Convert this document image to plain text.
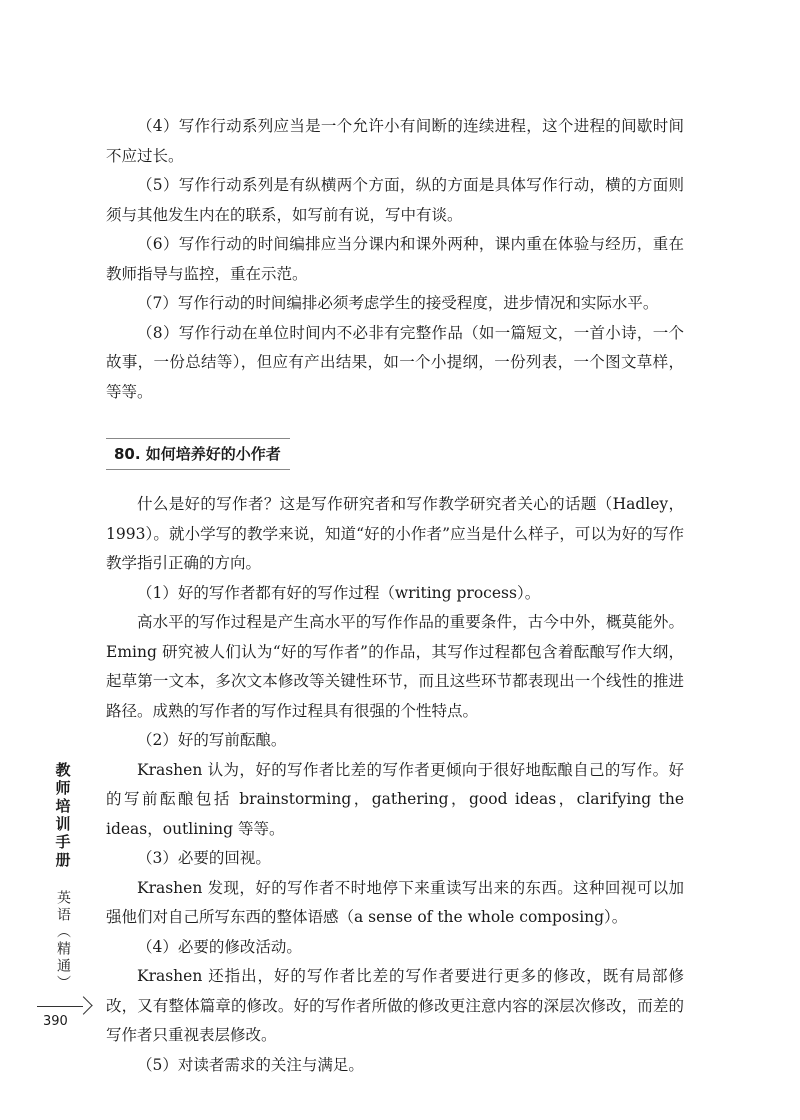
（4）写作行动系列应当是一个允许小有间断的连续进程，这个进程的间歇时间不应过长。

（5）写作行动系列是有纵横两个方面，纵的方面是具体写作行动，横的方面则须与其他发生内在的联系，如写前有说，写中有谈。

（6）写作行动的时间编排应当分课内和课外两种，课内重在体验与经历，重在教师指导与监控，重在示范。

（7）写作行动的时间编排必须考虑学生的接受程度，进步情况和实际水平。

（8）写作行动在单位时间内不必非有完整作品（如一篇短文，一首小诗，一个故事，一份总结等），但应有产出结果，如一个小提纲，一份列表，一个图文草样，等等。

80. 如何培养好的小作者

什么是好的写作者？这是写作研究者和写作教学研究者关心的话题（Hadley，1993）。就小学写的教学来说，知道“好的小作者”应当是什么样子，可以为好的写作教学指引正确的方向。

（1）好的写作者都有好的写作过程（writing process）。

高水平的写作过程是产生高水平的写作作品的重要条件，古今中外，概莫能外。Eming 研究被人们认为“好的写作者”的作品，其写作过程都包含着酝酿写作大纲，起草第一文本，多次文本修改等关键性环节，而且这些环节都表现出一个线性的推进路径。成熟的写作者的写作过程具有很强的个性特点。

（2）好的写前酝酿。

Krashen 认为，好的写作者比差的写作者更倾向于很好地酝酿自己的写作。好的写前酝酿包括 brainstorming，gathering，good ideas，clarifying the ideas，outlining 等等。

（3）必要的回视。

Krashen 发现，好的写作者不时地停下来重读写出来的东西。这种回视可以加强他们对自己所写东西的整体语感（a sense of the whole composing）。

（4）必要的修改活动。

Krashen 还指出，好的写作者比差的写作者要进行更多的修改，既有局部修改，又有整体篇章的修改。好的写作者所做的修改更注意内容的深层次修改，而差的写作者只重视表层修改。

（5）对读者需求的关注与满足。

教师培训手册
英语（精通）
390
